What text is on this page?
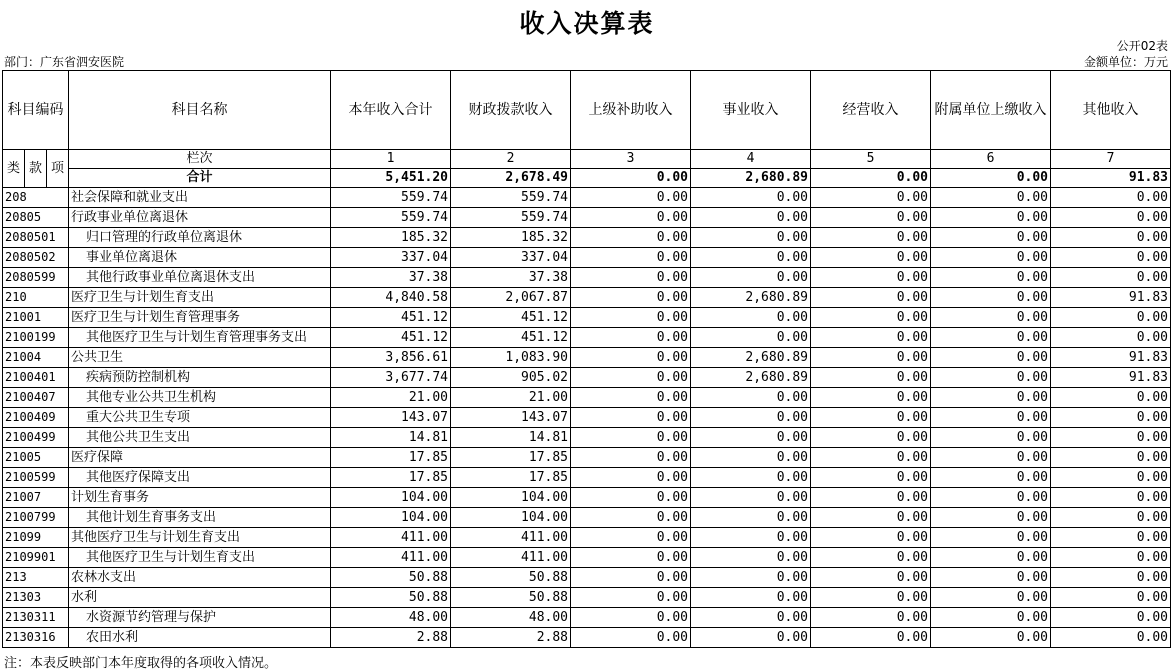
收入决算表
公开02表
部门：广东省泗安医院	金额单位：万元
科目编码			科目名称	本年收入合计	财政拨款收入	上级补助收入	事业收入	经营收入	附属单位上缴收入	其他收入
类	款	项	栏次	1	2	3	4	5	6	7
			合计	5,451.20	2,678.49	0.00	2,680.89	0.00	0.00	91.83
208			社会保障和就业支出	559.74	559.74	0.00	0.00	0.00	0.00	0.00
20805			行政事业单位离退休	559.74	559.74	0.00	0.00	0.00	0.00	0.00
2080501			归口管理的行政单位离退休	185.32	185.32	0.00	0.00	0.00	0.00	0.00
2080502			事业单位离退休	337.04	337.04	0.00	0.00	0.00	0.00	0.00
2080599			其他行政事业单位离退休支出	37.38	37.38	0.00	0.00	0.00	0.00	0.00
210			医疗卫生与计划生育支出	4,840.58	2,067.87	0.00	2,680.89	0.00	0.00	91.83
21001			医疗卫生与计划生育管理事务	451.12	451.12	0.00	0.00	0.00	0.00	0.00
2100199			其他医疗卫生与计划生育管理事务支出	451.12	451.12	0.00	0.00	0.00	0.00	0.00
21004			公共卫生	3,856.61	1,083.90	0.00	2,680.89	0.00	0.00	91.83
2100401			疾病预防控制机构	3,677.74	905.02	0.00	2,680.89	0.00	0.00	91.83
2100407			其他专业公共卫生机构	21.00	21.00	0.00	0.00	0.00	0.00	0.00
2100409			重大公共卫生专项	143.07	143.07	0.00	0.00	0.00	0.00	0.00
2100499			其他公共卫生支出	14.81	14.81	0.00	0.00	0.00	0.00	0.00
21005			医疗保障	17.85	17.85	0.00	0.00	0.00	0.00	0.00
2100599			其他医疗保障支出	17.85	17.85	0.00	0.00	0.00	0.00	0.00
21007			计划生育事务	104.00	104.00	0.00	0.00	0.00	0.00	0.00
2100799			其他计划生育事务支出	104.00	104.00	0.00	0.00	0.00	0.00	0.00
21099			其他医疗卫生与计划生育支出	411.00	411.00	0.00	0.00	0.00	0.00	0.00
2109901			其他医疗卫生与计划生育支出	411.00	411.00	0.00	0.00	0.00	0.00	0.00
213			农林水支出	50.88	50.88	0.00	0.00	0.00	0.00	0.00
21303			水利	50.88	50.88	0.00	0.00	0.00	0.00	0.00
2130311			水资源节约管理与保护	48.00	48.00	0.00	0.00	0.00	0.00	0.00
2130316			农田水利	2.88	2.88	0.00	0.00	0.00	0.00	0.00
注：本表反映部门本年度取得的各项收入情况。
